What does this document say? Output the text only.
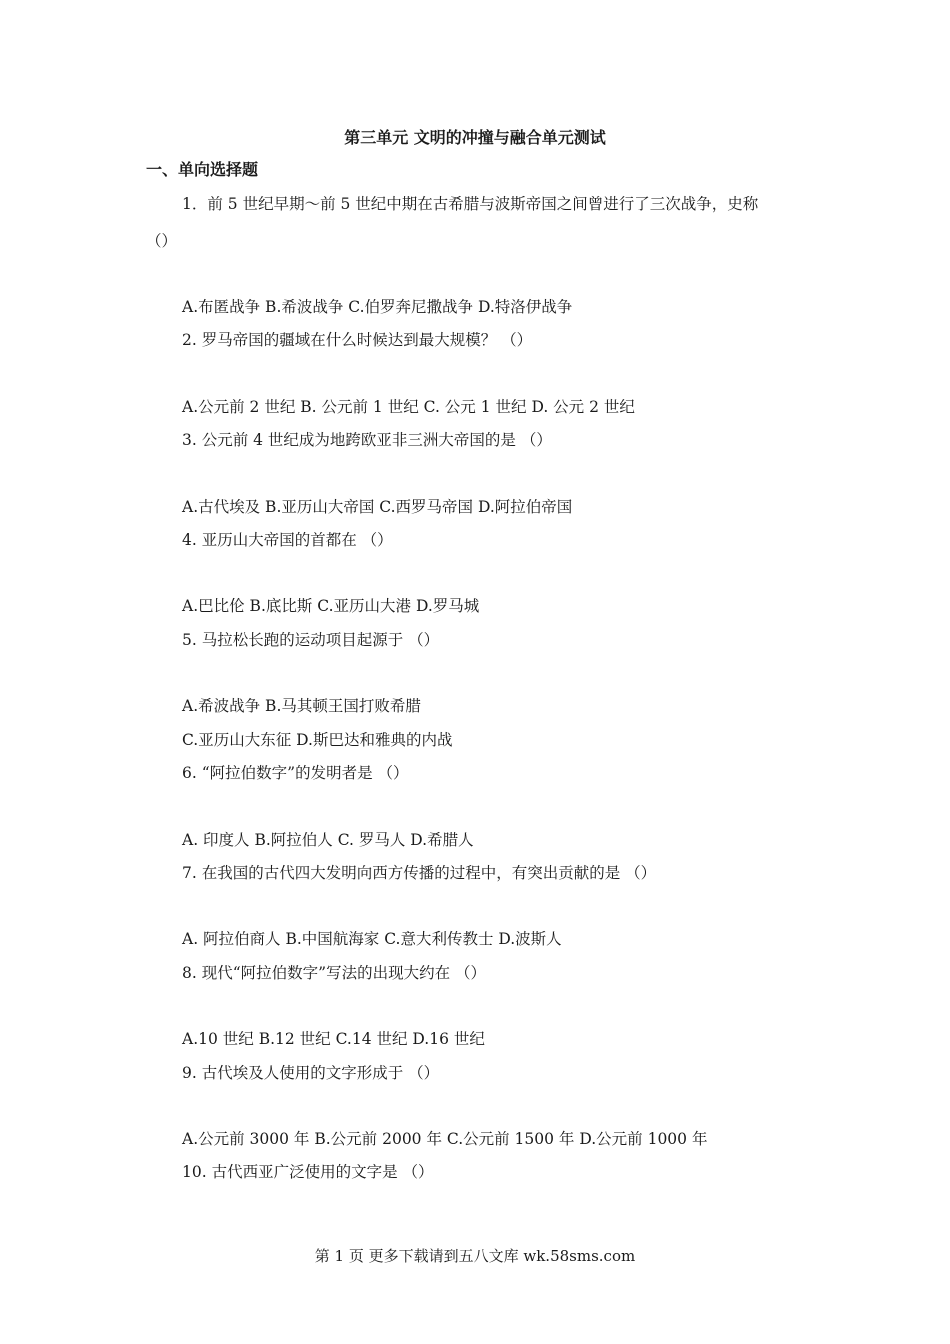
第三单元 文明的冲撞与融合单元测试
一、单向选择题
1．前 5 世纪早期～前 5 世纪中期在古希腊与波斯帝国之间曾进行了三次战争，史称
（）
A.布匿战争 B.希波战争 C.伯罗奔尼撒战争 D.特洛伊战争
2. 罗马帝国的疆域在什么时候达到最大规模？ （）
A.公元前 2 世纪 B. 公元前 1 世纪 C. 公元 1 世纪 D. 公元 2 世纪
3. 公元前 4 世纪成为地跨欧亚非三洲大帝国的是 （）
A.古代埃及 B.亚历山大帝国 C.西罗马帝国 D.阿拉伯帝国
4. 亚历山大帝国的首都在 （）
A.巴比伦 B.底比斯 C.亚历山大港 D.罗马城
5. 马拉松长跑的运动项目起源于 （）
A.希波战争 B.马其顿王国打败希腊
C.亚历山大东征 D.斯巴达和雅典的内战
6. “阿拉伯数字”的发明者是 （）
A. 印度人 B.阿拉伯人 C. 罗马人 D.希腊人
7. 在我国的古代四大发明向西方传播的过程中，有突出贡献的是 （）
A. 阿拉伯商人 B.中国航海家 C.意大利传教士 D.波斯人
8. 现代“阿拉伯数字”写法的出现大约在 （）
A.10 世纪 B.12 世纪 C.14 世纪 D.16 世纪
9. 古代埃及人使用的文字形成于 （）
A.公元前 3000 年 B.公元前 2000 年 C.公元前 1500 年 D.公元前 1000 年
10. 古代西亚广泛使用的文字是 （）
第 1 页 更多下载请到五八文库 wk.58sms.com
